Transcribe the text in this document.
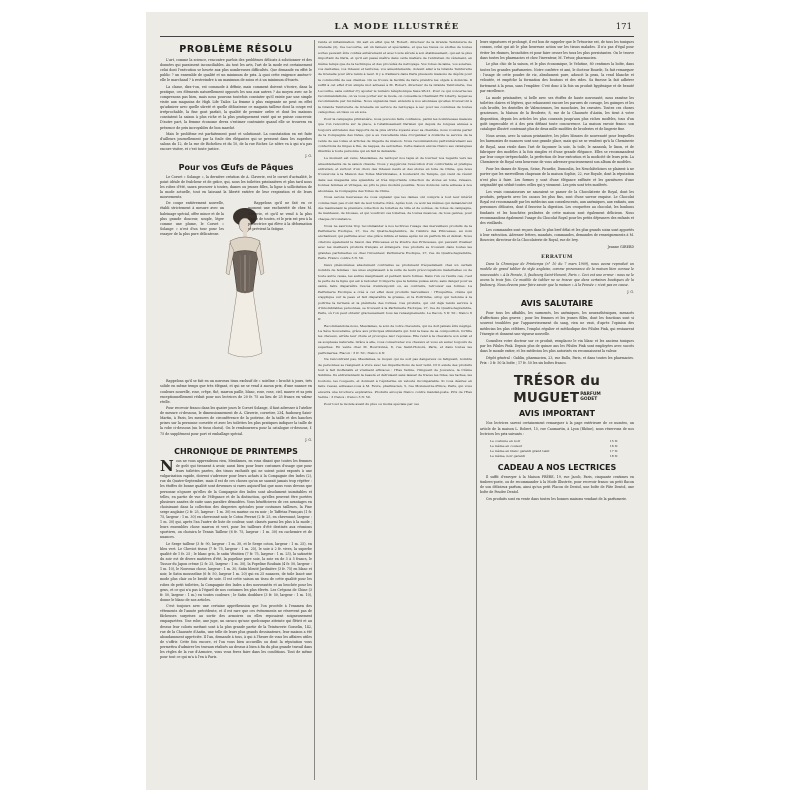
LA MODE ILLUSTRÉE	171
PROBLÈME RÉSOLU

L'art, comme la science, rencontre parfois des problèmes délicats à solutionner et des données qui paraissent inconciliables. Au tout les arts, l'art de la mode est certainement celui dont l'exécution se heurte aux plus nombreuses difficultés. Que demande en effet le public ? un ensemble de qualité et un minimum de prix. A quoi cette exigence amène-t-elle le marchand ? à restreindre à un maximum de soins et à un minimum d'écarts.

La classe, dira-t-on, est commode à définir, mais comment doivent s'écrire, dans la pratique, ces éléments naturellement opposés les uns aux autres ? Au moyen avec ne le comprenons pas bien, mais nous pouvons toutefois constater qu'il existe par une simple visite aux magasins de High Life Tailor. La femme à plus exigeante ne peut en effet qu'admirer avec quelle sûreté et quelle délicatesse ce magasin tailleur dont la coupe est irréprochable, la fine gout parfait, la qualité de premier ordre et dont les maisons constatent la saison à plus riche et la plus pratiquement varié qui se puisse concevoir. D'autre part, la femme économe devra s'estimer contrainte quand elle se trouvera en présence de prix incroyables de bon marché.

Mais le problème est parfaitement posé et solutionné. La constatation en est faite d'ailleurs journellement par la foule des élégantes qui se pressent dans les superbes salons du 12, de la rue de Richelieu et du 10, de la rue Richer. Le nôtre va à qui n'a pas encore visiter, et c'est toute justice.

J. G.
Pour vos Œufs de Pâques

Le Corset « Solange », la dernière création de A. Claverie, est le corset d'actualité, le point idéale de fraîcheur et de grâce, qui, nous les toilettes printanières et plus tard nous les robes d'été, saura procurer à toutes, dames ou jeunes filles, la ligne à sollicitation de la mode actuelle, tout en laissant la liberté entière de leur respiration et de leurs mouvements.

De coupe entièrement nouvelle, établi strictement à mesure avec un baleinage spécial, offre mince et de la plus grande douceur, souple, léger comme une plume, le Corset « Solange » n'est d'un tour pour les essayer de la plus pure délicatesse.

Rappelons qu'il ne fait en ce moment une exclusivité de chez M. Claverie, et qu'il se vend à la plus douce de toutes, et le prix est peu à la protectrice qui élève à la déformation et prévient la fatigue.

Rappelons qu'il se fait en un nouveau tissu exclusif de « soieline » broché à jours, très solide en même temps que très élégant, et qui ne se vend à aucun prix, d'une nuance en couleurs nouvelle, rose, crêpe, thé, marron paille, blanc, rose, rose, ciel, mauve et sa prix exceptionnellement réduit pour nos lectrices de 20 fr. 75 au lieu de 25 francs en valeur réelle.

Pour recevoir franco dans les quatre jours le Corset Solange, il faut adresser à l'atelier de mesure ci-dessous, le dimensionnement de A. Claverie, corsetier, 234, faubourg Saint-Martin, à Paris, les mesures de circonférence de la poitrine, de la taille et des hanches prises sur la personne corsetée et avec les toilettes les plus pratiques indiquer la taille de la robe ci-dessous (un le tissu choisi). On le remboursera pour la catalogue ci-dessous, f. 75 de supplément pour port et emballage spécial.

J. G.
CHRONIQUE DE PRINTEMPS

Nous ne vous apprendrons rien, Mesdames, en vous disant que toutes les femmes de goût qui tiennent à avoir, aussi bien pour leurs costumes d'usage que pour leurs toilettes parées, des tissus exclusifs qui ne soient point exposés à une vulgarisation rapide, doivent s'adresser pour leurs achats à la Compagnie des Indes (2), rue du Quatre-Septembre, mais il est de ces choses qu'on ne saurait jamais trop répéter : les étoffes de bonne qualité sont devenues si rares aujourd'hui que nous vous devons que personne n'ignore qu'elles de la Compagnie des Indes sont absolument inimitables et telles, en partie de vue de l'élégance et de la distinction, qu'elles peuvent être portées plusieurs années de suite sans paraître démodées. Vous bénéficierez de ces avantages en choisissant dans la collection des draperies spéciales pour costumes tailleurs, la Fine serge anglaise (2 fr. 25, largeur : 1 m. 30) en marine ou en noir ; le Taffetas Français (1 fr. 75, largeur : 1 m. 30) en chevronné noir, le Coton Ferrari (2 fr. 25, en chevronné, largeur : 1 m. 30) qui, après l'an l'autre de liste de couleur, sont classés parmi les plus à la mode ; leurs ensembles chose marron et vert, pour les tailleurs d'été destinés aux réunions sportives, on choisira le Tennis Tailleur (6 fr. 75, largeur : 1 m. 30) en cachemire et de nuances.

Le Serge tailleur (3 fr. 90, largeur : 1 m. 30, et le Serge coton, largeur : 1 m. 25), en bleu vert. Le Cheviot tissus (7 fr. 75, largeur : 1 m. 25), le soie à 2 fr. vives, la superbe qualité de 1 fr. 25 ; le blanc gris, le satin Vénitien (7 fr. 75, largeur : 1 m. 25), la satinette du soir est de divers matières d'été, la popeline pure soie, la soie en de 3 à 5 francs, le Tussor du Japon crème (2 fr. 25, largeur : 1 m. 30), la Popeline Roubaix (4 fr. 50, largeur : 1 m. 10), le Nouveau chose, largeur : 1 m. 30, Satin bleuté Jardinière (3 fr. 75) en blanc et noir, le Satin mousseline (6 fr. 50, largeur 1 m. 20) qui en 25 nuances, de toile lancé une mode plus clair ou le brodé de soie. Il est cette saison un tissu de cette qualité pour les robes de petit toilettes, la Compagnie des Indes a des nouveautés et au brochée pour les gens, et ce qui n'a pas à l'égard de nos costumes les plus élevés. Les Crépons de Chine (3 fr. 50, largeur : 1 m.) en toutes couleurs ; le Satin doublure (3 fr. 50, largeur : 1 m. 10), donne le blanc de nos articles.

C'est toujours avec une certaine appréhension que l'on procède à l'examen des vêtements de l'année précédente, et il est rare que ces évènements ne réservent pas de fâcheuses surprises au sortir des armoires ou elles reposaient soigneusement empaquetées. Une robe, une jupe, un caraco qu'une quelconque atteinte qui flétrit et au dessus leur coloris mettant sont à la plus grande partie de la Teinturerie Gosselin, 142, rue de la Chaussée d'Antin, une telle de leurs plus grands dessinateurs, leur maison a été abondamment appréciée. Il l'an, demande à tous, à qui à l'heure de vous les affaires utiles de s'offrir. Cette fois encore, et l'on vous bien accueillis ou dont la réputation vous permettra d'admirer les travaux réalisés au dessus à bien à fin du plus grande travail dans les règles de la rue d'Armoire, vous vous ferez faire dans les conditions. Tout de même pour tout ce qui m'a à l'en à Paris.

rende et inflammation. On sait en effet que M. Robert, directeur de la Grande Teinturerie de Grenelle (2), rue Lecourbe, est un fameux et spécialiste, et que les tissus ou étoffes de toutes sortes peuvent être confiés entièrement et avec toute sûreté à son établissement, qui est le plus important de Paris, et qu'il est passé maître dans cette matière de l'entretien du vêtement, en même temps que de la technique et des procédés de nettoyage. Vos robes de laine, vos soieries, vos dentelles, vos rideaux et tentures, vos ameublements, doivent aller à la Grande Teinturerie de Grenelle pour être remis à neuf. Il y a d'ailleurs dans Paris plusieurs maisons de dépôts pour la commodité de ses clientes. On se trouve la facilité de faire prendre les objets à domicile. Il suffit à cet effet d'un simple mot adressé à M. Robert, directeur de la Grande Teinturerie, rue Lecourbe, sans oublier d'y ajouter le numéro téléphonique Saxe 96-21. Pour ce qui concerne les recommandations, on va vous porter sur la mode, on conseille le Charmant Fil Liberty, lequel se recommande par lui-même. Nous signalons bien entendu à nos abonnées qu'elles trouveront à la Grande Teinturerie de Grenelle un service de nettoyage à sec pour les costumes de toutes catégories, en tissu ou en soie.

Pour la campagne printanière, nous pouvons faire confiance, parmi les nombreuses maisons que l'on rencontre sur la place, à l'établissement Parisien qui depuis de longues années a toujours entretenu des rapports de la plus stricte loyauté avec sa clientèle, nous voulons parler de la Compagnie des Indes, qui a eu l'excellente idée d'organiser à domicile le service de la vente de ses toiles et articles de lingerie de maison. Nous recommandons particulièrement ses confections de linges à thé, de nappes, de serviettes. Cette maison envoie franco ses catalogues illustrés à toute personne qui en fait la demande.

Le moment est venu, Mesdames, de nettoyer nos tapis et de tourner nos regards vers les ameublements de la saison chaude. Nous y suggérons l'exécution d'un confortable et pratique entretien, et surtout d'un choix des rideaux neufs et des stores en toile de Chine, que nous trouverons à la Maison des Toiles Méridionales, 4 boulevard du Temple, qui vient de réunir dans ses magasins une splendide et très importante collection de stores en toile, rideaux, bonnes femmes et vitrages, au prix le plus modéré possible. Nous donnons cette adresse à nos abonnées, la Compagnie des Toiles de Chine.

Nous serons heureuses de vous signaler que les dames ont compris à tout leur intérêt comme bien peu n'ont fait de leur toilette d'été. Après tout, ce sont les mêmes qui demanderont dès maintenant la première collection de toilettes de ville et de soirées, de robes de campagne, de manteaux, de blouses, et qui voudront ces toilettes, de toutes nuances, de tous genres, pour chaque circonstance.

Nous ne saurions trop recommander à nos lectrices l'usage des merveilleux produits de la Parfumerie Exotique, 27, rue du Quatre-Septembre, de l'Ambre des Princesses, au nom enchanteur, qui parfume avec une grâce infinie et laisse après lui un parfum fin et délicat. Nous citerons également le Savon des Princesses et la Poudre des Princesses, qui peuvent rivaliser avec les meilleurs produits français et étrangers. Ces produits se trouvent dans toutes les grandes parfumeries ou chez l'inventeur, Perfumerie Exotique, 27, rue du Quatre-Septembre, Paris. Franco contre 3 fr. 50.

Deux phénomènes absolument contraires se produisent fréquemment chez un certain nombre de femmes : les unes engraissent à la suite de leurs préoccupations maternelles ou de toute autre cause, les autres maigrissent et perdent leurs formes. Dans l'un ou l'autre cas, c'est la perte de la ligne qui est à redouter. Il importe que la femme puisse alors, sans danger pour sa santé, faire disparaître l'excès d'embonpoint ou, au contraire, retrouver ses formes. La Parfumerie Exotique a créé à cet effet deux produits merveilleux : l'Exupérine, crème qui s'applique sur la peau et fait disparaître la graisse, et la Poitrinine, sirop qui redonne à la poitrine la fermeté et la plénitude des formes. Ces produits, qui ont déjà rendu service à d'innombrables personnes, se trouvent à la Parfumerie Exotique, 27, rue du Quatre-Septembre, Paris, où l'on peut obtenir gracieusement tous les renseignements. Le flacon, 5 fr. 50 ; franco 6 fr.

Recommandons-nous, Mesdames, le soin de votre chevelure, qui ne doit jamais être négligé. La Sève Souveraine, grâce aux principes stimulants qui font la base de sa composition, fortifie les cheveux, arrête leur chute et provoque leur repousse. Elle rend à la chevelure son éclat et sa souplesse naturelle. Grâce à elle, vous conserverez vos cheveux et vous en aurez toujours de superbes. En vente chez M. Bourdonné, 8, rue Saint-Honoré, Paris, et dans toutes les parfumeries. Flacon : 3 fr. 50 ; franco 4 fr.

Ne rencontrant pas, Mesdames, le moyen qui ne soit pas dangereux ou fatiguant, nombre de personnes se résignent à vivre avec les imperfections de leur teint. Or il existe des produits tout à fait inoffensifs et vraiment efficaces : l'Eau Vernie, l'Onguent de Jouvence, la Crème Sublime. Ils entretiennent la beauté et détruisent sans laisser de traces les rides, les taches, les boutons, les rougeurs, et donnent à l'épiderme un velouté incomparable. Si vous désirez en faire l'essai, adressez-vous à M. Fevre, pharmacien, 5, rue Monsieur-le-Prince, Paris, qui vous enverra une brochure explicative. Produits envoyés franco contre mandat-poste. Prix de l'Eau Vernie : 3 francs ; franco 3 fr. 50.

Pour tout le monde avant du plus ou moins spéciale par ces

leurs signatures et prolongé, il est bon de rappeler que le Trésorine est, de tous les toniques connus, celui qui ait le plus heureuse action sur les tissus malades. Il n'a pas d'égal pour éviter les rhumes, bronchites et pour faire cesser les toux les plus persistantes. On le trouve dans toutes les pharmacies et chez l'inventeur, M. Trésor, pharmacien.

Le plus chic de la saison, et le plus économique, le Velutine, 80 centimes la boîte, dans toutes les grandes parfumeries. Notre confrère et ami, le docteur Bourde, l'a fait remarquer : l'usage de cette poudre de riz, absolument pure, adoucit la peau, la rend blanche et veloutée, et empêche la formation des boutons et des rides. Sa finesse la fait adhérer fortement à la peau, sans l'empâter. C'est donc à la fois un produit hygiénique et de beauté par excellence.

La mode printanière, si belle avec ses étoffes de haute nouveauté, nous ramène les toilettes claires et légères, que rehaussent encore les parures de corsage, les guimpes et les cols brodés, les dentelles de Valenciennes, les mouchoirs, les cravates. Toutes ces choses gracieuses, la Maison de la Broderie, 8, rue de la Chaussée d'Antin, les tient à votre disposition, depuis les articles les plus courants jusqu'aux plus riches modèles, tous d'un goût impeccable et à des prix défiant toute concurrence. La maison envoie franco son catalogue illustré contenant plus de deux mille modèles de broderies et de lingerie fine.

Nous avons, avec la saison printanière, les jolies blouses de nouveauté pour lesquelles les harmonies de nuances sont une grande place, mais qui ne se vendent qu'à la Chemiserie de Royal, sans rivale dans l'art de façonner la soie, la toile, le nansouk, le linon, et de fabriquer des modèles à la fois simples et d'une grande élégance. Elles se recommandent par leur coupe irréprochable, la perfection de leur exécution et la modicité de leurs prix. La Chemiserie de Royal sera heureuse de vous adresser gracieusement son album de modèles.

Pour les dames de Noyon, Seine, Picardie, Dumoulin, les Neuchâteloises se plaisent à ne porter que les merveilleux chapeaux de la maison Sophie, 22, rue Royale, dont la réputation n'est plus à faire. Les formes y sont d'une élégance raffinée et les garnitures d'une originalité qui séduit toutes celles qui y viennent. Les prix sont très modérés.

Les vrais connaisseurs ne sauraient se passer de la Chocolaterie de Royal, dont les produits, préparés avec les cacaos les plus fins, sont d'une saveur exquise. Le Chocolat Royal est recommandé par les médecins aux convalescents, aux anémiques, aux enfants, aux personnes délicates, dont il favorise la digestion. Les croquettes au chocolat, les bonbons fondants et les bouchées pralinées de cette maison sont également délicieux. Nous recommandons également l'usage du Chocolat Royal pour les petits déjeuners des enfants et des vieillards.

Les commandes sont reçues dans le plus bref délai et les plus grands soins sont apportés à leur exécution. Adresser lettres, mandats, commandes, demandes de renseignements à M. Bourcier, directeur de la Chocolaterie de Royal, rue de Ivry.

Jeanne GIRERD
ERRATUM

Dans la Chronique de Printemps (n° 10 du 7 mars 1909), nous avons reproduit un modèle de grand tablier de style anglaise, comme provenance de la maison bien connue le nouveautés « A la Pensée, 5, faubourg Saint-Honoré, Paris ». Ceci est une erreur : nous ne le avons lu trois fois. Ce modèle de tablier ne se trouve que dans certaines boutiques de la faubourg. Nous devons pour faire savoir que la maison « A la Pensée » n'est pas en cause.

J. G.
AVIS SALUTAIRE

Pour tous les affaiblis, les surmenés, les anémiques, les neurasthéniques, menacés d'affections plus graves ; pour les femmes et les jeunes filles, dont les fonctions sont si souvent troublées par l'appauvrissement du sang, rien ne vaut, d'après l'opinion des médecins les plus célèbres, l'emploi régulier et méthodique des Pilules Pink, qui restaurent l'énergie et donnent une vigueur nouvelle.

Consultez votre docteur sur ce produit, remplacez le vin blanc et les anciens toniques par les Pilules Pink. Depuis plus de quinze ans les Pilules Pink sont employées avec succès dans le monde entier, et les médecins les plus autorisés en reconnaissent la valeur.

Dépôt général : Gablin, pharmacien, 23, rue Ballu, Paris, et dans toutes les pharmacies. Prix : 3 fr. 50 la boîte ; 17 fr. 50 les six boîtes franco.

TRÉSOR du MUGUETPARFUM
GODET
AVIS IMPORTANT

Nos lectrices savent certainement remarquer à la page extérieure de ce numéro, un article de la maison L. Robert, 15, rue Caumartin, à Lyon (Rhône), nous réservons de nos lectrices les prix suivants :

Le costume en noir	15 fr.
Le même en couleur	16 fr.
Le même en blanc garanti grand teint	17 fr.
Le même, noir garanti	18 fr.
CADEAU A NOS LECTRICES

Il suffit d'envoyer à la Maison FRÈRE, 19, rue Jacob, Paris, cinquante centimes en timbres-poste, ou de recommander à la Mode Illustrée, pour recevoir franco un petit flacon de son délicieux parfum, ainsi qu'un petit Flacon de Dentol, une boîte de Pâte Dentol, une boîte de Poudre Dentol.

Ces produits sont en vente dans toutes les bonnes maisons vendant de la parfumerie.
